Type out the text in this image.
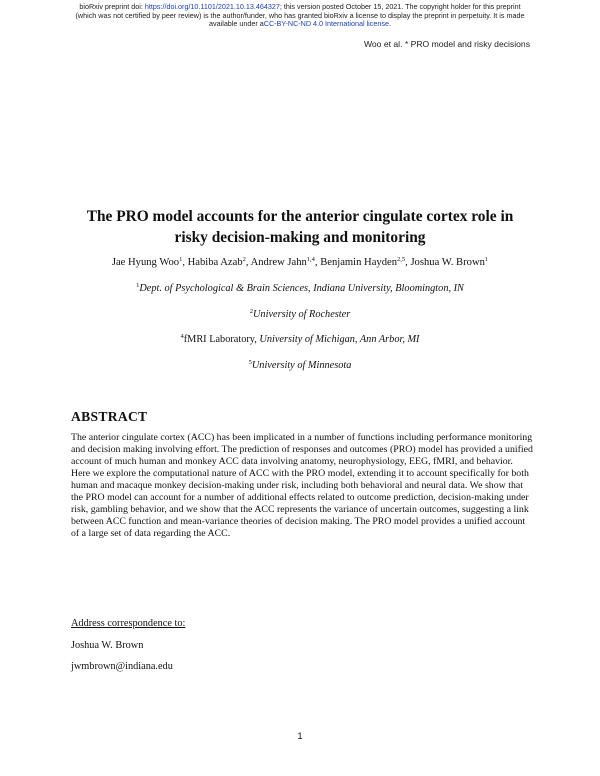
bioRxiv preprint doi: https://doi.org/10.1101/2021.10.13.464327; this version posted October 15, 2021. The copyright holder for this preprint
(which was not certified by peer review) is the author/funder, who has granted bioRxiv a license to display the preprint in perpetuity. It is made
available under aCC-BY-NC-ND 4.0 International license.
Woo et al. * PRO model and risky decisions
The PRO model accounts for the anterior cingulate cortex role in
risky decision-making and monitoring
Jae Hyung Woo$^1$, Habiba Azab$^2$, Andrew Jahn$^{1,4}$, Benjamin Hayden$^{2,5}$, Joshua W. Brown$^1$
$^1$Dept. of Psychological & Brain Sciences, Indiana University, Bloomington, IN
$^2$University of Rochester
$^4$fMRI Laboratory, University of Michigan, Ann Arbor, MI
$^5$University of Minnesota
ABSTRACT

The anterior cingulate cortex (ACC) has been implicated in a number of functions including performance monitoring and decision making involving effort. The prediction of responses and outcomes (PRO) model has provided a unified account of much human and monkey ACC data involving anatomy, neurophysiology, EEG, fMRI, and behavior. Here we explore the computational nature of ACC with the PRO model, extending it to account specifically for both human and macaque monkey decision-making under risk, including both behavioral and neural data. We show that the PRO model can account for a number of additional effects related to outcome prediction, decision-making under risk, gambling behavior, and we show that the ACC represents the variance of uncertain outcomes, suggesting a link between ACC function and mean-variance theories of decision making. The PRO model provides a unified account of a large set of data regarding the ACC.

Address correspondence to:
Joshua W. Brown
jwmbrown@indiana.edu
1
